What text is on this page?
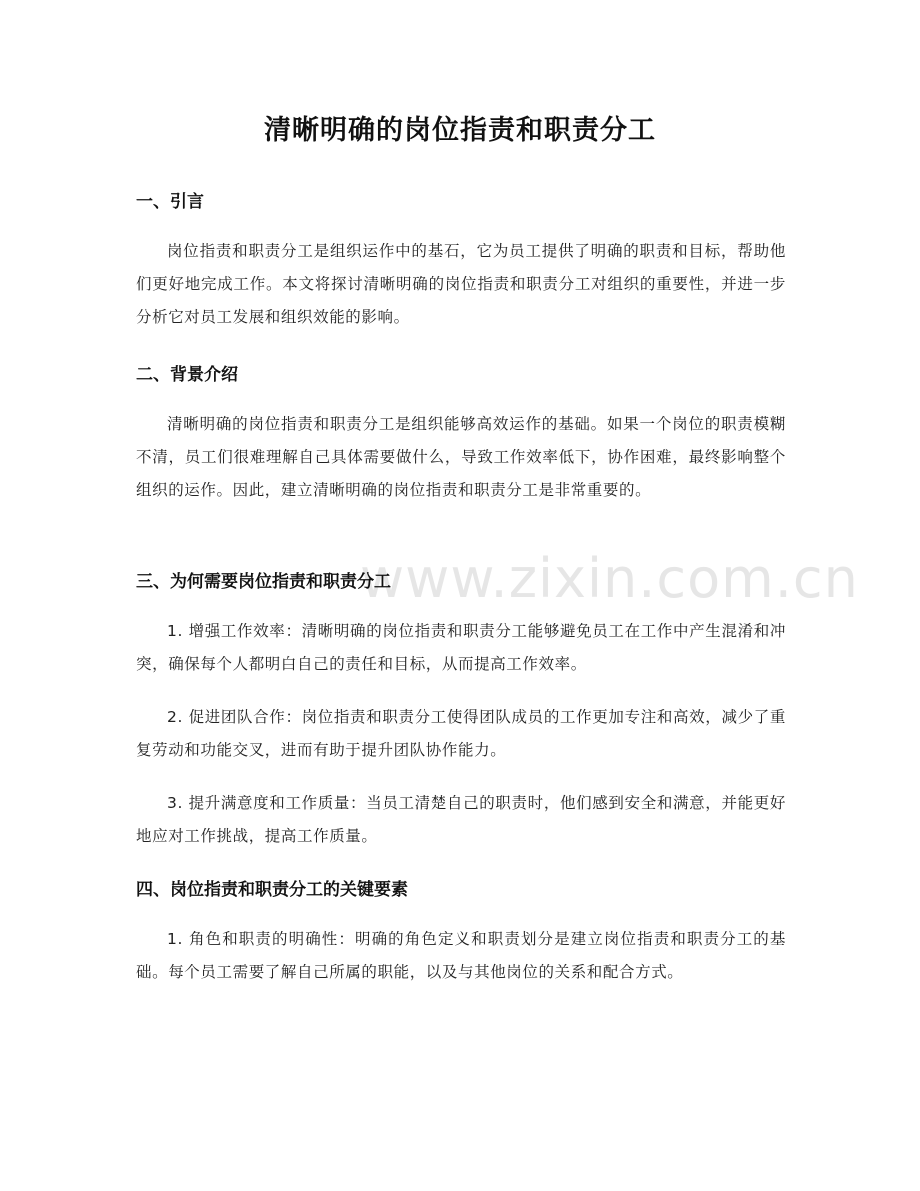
www.zixin.com.cn
清晰明确的岗位指责和职责分工
一、引言

岗位指责和职责分工是组织运作中的基石，它为员工提供了明确的职责和目标，帮助他们更好地完成工作。本文将探讨清晰明确的岗位指责和职责分工对组织的重要性，并进一步分析它对员工发展和组织效能的影响。

二、背景介绍

清晰明确的岗位指责和职责分工是组织能够高效运作的基础。如果一个岗位的职责模糊不清，员工们很难理解自己具体需要做什么，导致工作效率低下，协作困难，最终影响整个组织的运作。因此，建立清晰明确的岗位指责和职责分工是非常重要的。

三、为何需要岗位指责和职责分工

1. 增强工作效率：清晰明确的岗位指责和职责分工能够避免员工在工作中产生混淆和冲突，确保每个人都明白自己的责任和目标，从而提高工作效率。

2. 促进团队合作：岗位指责和职责分工使得团队成员的工作更加专注和高效，减少了重复劳动和功能交叉，进而有助于提升团队协作能力。

3. 提升满意度和工作质量：当员工清楚自己的职责时，他们感到安全和满意，并能更好地应对工作挑战，提高工作质量。

四、岗位指责和职责分工的关键要素

1. 角色和职责的明确性：明确的角色定义和职责划分是建立岗位指责和职责分工的基础。每个员工需要了解自己所属的职能，以及与其他岗位的关系和配合方式。
